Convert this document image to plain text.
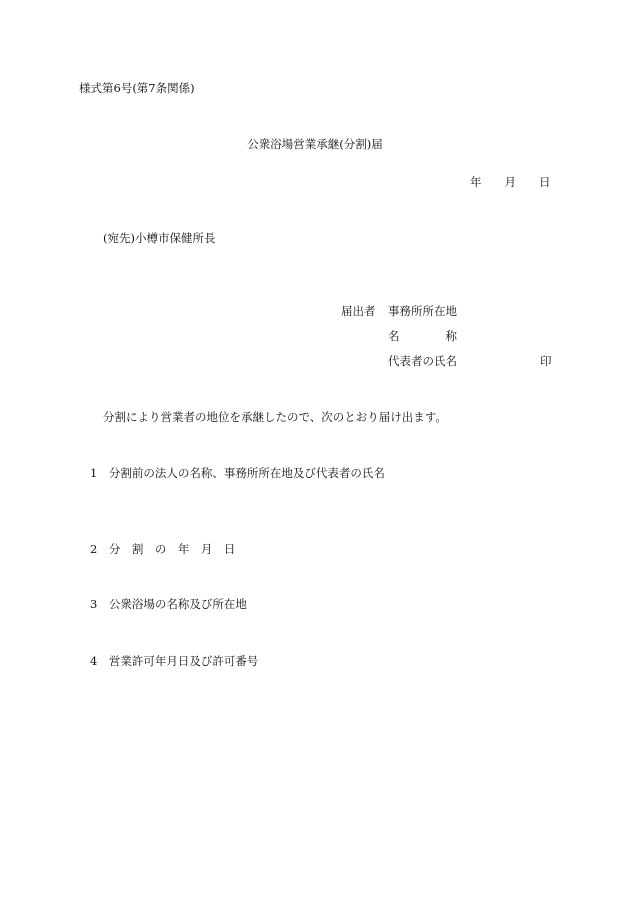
様式第6号(第7条関係)
公衆浴場営業承継(分割)届
年　　月　　日
(宛先)小樽市保健所長
届出者 事務所所在地
名　　　　称
代表者の氏名	印
分割により営業者の地位を承継したので、次のとおり届け出ます。
1　分割前の法人の名称、事務所所在地及び代表者の氏名
2　分　割　の　年　月　日
3　公衆浴場の名称及び所在地
4　営業許可年月日及び許可番号
